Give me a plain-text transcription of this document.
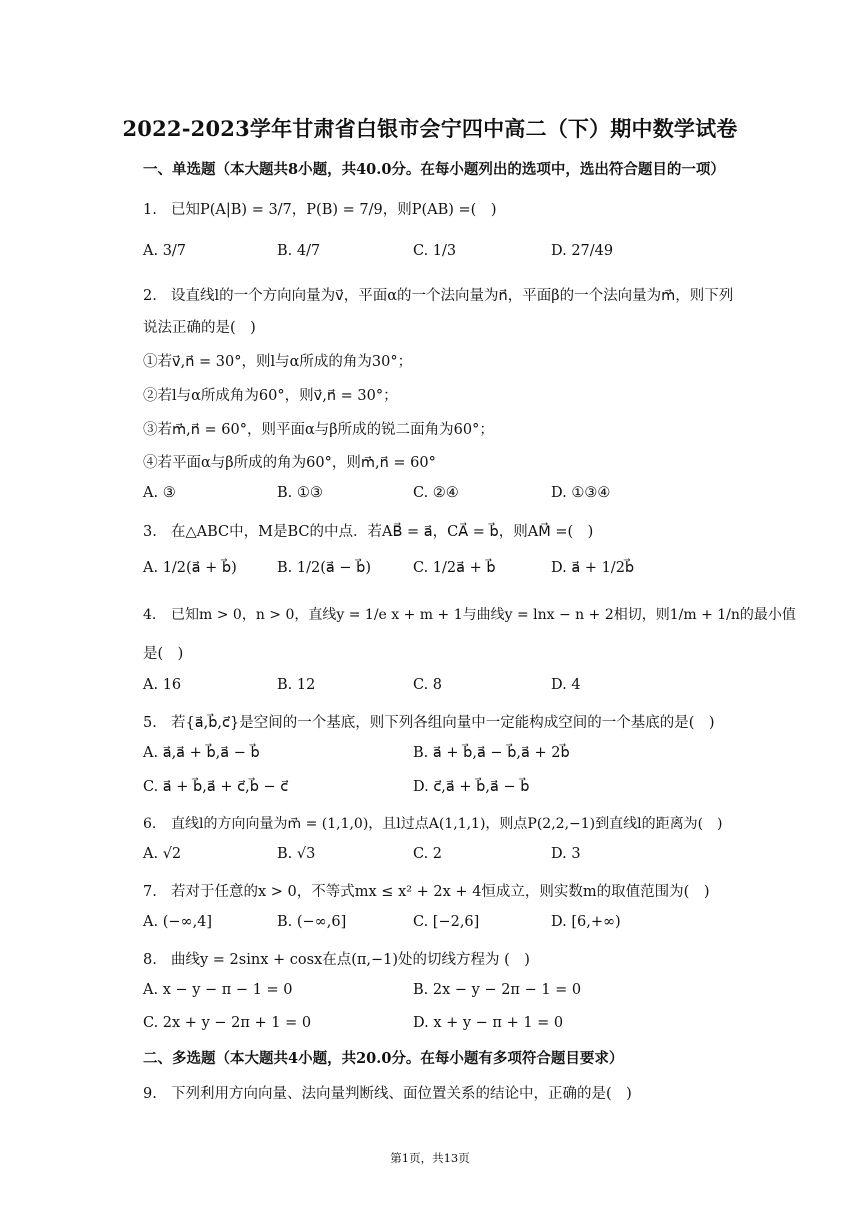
2022-2023学年甘肃省白银市会宁四中高二（下）期中数学试卷
一、单选题（本大题共8小题，共40.0分。在每小题列出的选项中，选出符合题目的一项）
1. 已知P(A|B) = 3/7，P(B) = 7/9，则P(AB) =(　)
A. 3/7	B. 4/7	C. 1/3	D. 27/49
2. 设直线l的一个方向向量为v⃗，平面α的一个法向量为n⃗，平面β的一个法向量为m⃗，则下列
说法正确的是(　)
①若v⃗,n⃗ = 30°，则l与α所成的角为30°；
②若l与α所成角为60°，则v⃗,n⃗ = 30°；
③若m⃗,n⃗ = 60°，则平面α与β所成的锐二面角为60°；
④若平面α与β所成的角为60°，则m⃗,n⃗ = 60°
A. ③	B. ①③	C. ②④	D. ①③④
3. 在△ABC中，M是BC的中点．若AB⃗ = a⃗，CA⃗ = b⃗，则AM⃗ =(　)
A. 1/2(a⃗ + b⃗)	B. 1/2(a⃗ − b⃗)	C. 1/2a⃗ + b⃗	D. a⃗ + 1/2b⃗
4. 已知m > 0，n > 0，直线y = 1/e x + m + 1与曲线y = lnx − n + 2相切，则1/m + 1/n的最小值
是(　)
A. 16	B. 12	C. 8	D. 4
5. 若{a⃗,b⃗,c⃗}是空间的一个基底，则下列各组向量中一定能构成空间的一个基底的是(　)
A. a⃗,a⃗ + b⃗,a⃗ − b⃗	B. a⃗ + b⃗,a⃗ − b⃗,a⃗ + 2b⃗
C. a⃗ + b⃗,a⃗ + c⃗,b⃗ − c⃗	D. c⃗,a⃗ + b⃗,a⃗ − b⃗
6. 直线l的方向向量为m⃗ = (1,1,0)，且l过点A(1,1,1)，则点P(2,2,−1)到直线l的距离为(　)
A. √2	B. √3	C. 2	D. 3
7. 若对于任意的x > 0，不等式mx ≤ x² + 2x + 4恒成立，则实数m的取值范围为(　)
A. (−∞,4]	B. (−∞,6]	C. [−2,6]	D. [6,+∞)
8. 曲线y = 2sinx + cosx在点(π,−1)处的切线方程为 (　)
A. x − y − π − 1 = 0	B. 2x − y − 2π − 1 = 0
C. 2x + y − 2π + 1 = 0	D. x + y − π + 1 = 0
二、多选题（本大题共4小题，共20.0分。在每小题有多项符合题目要求）
9. 下列利用方向向量、法向量判断线、面位置关系的结论中，正确的是(　)
第1页，共13页
